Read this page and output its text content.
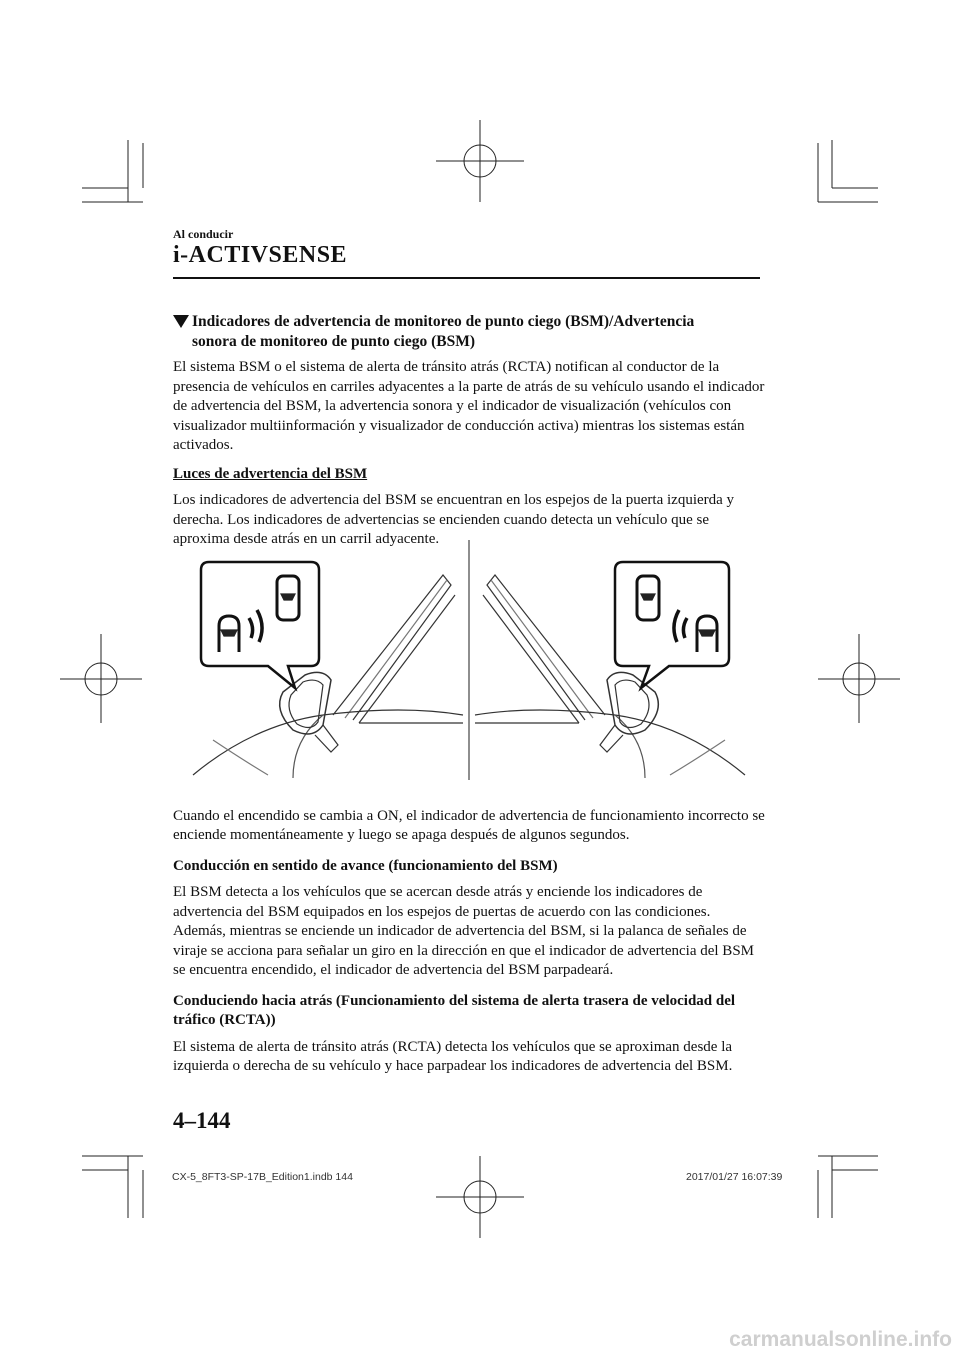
Al conducir
i-ACTIVSENSE
Indicadores de advertencia de monitoreo de punto ciego (BSM)/Advertencia
sonora de monitoreo de punto ciego (BSM)

El sistema BSM o el sistema de alerta de tránsito atrás (RCTA) notifican al conductor de la presencia de vehículos en carriles adyacentes a la parte de atrás de su vehículo usando el indicador de advertencia del BSM, la advertencia sonora y el indicador de visualización (vehículos con visualizador multiinformación y visualizador de conducción activa) mientras los sistemas están activados.

Luces de advertencia del BSM

Los indicadores de advertencia del BSM se encuentran en los espejos de la puerta izquierda y derecha. Los indicadores de advertencias se encienden cuando detecta un vehículo que se aproxima desde atrás en un carril adyacente.

Cuando el encendido se cambia a ON, el indicador de advertencia de funcionamiento incorrecto se enciende momentáneamente y luego se apaga después de algunos segundos.

Conducción en sentido de avance (funcionamiento del BSM)

El BSM detecta a los vehículos que se acercan desde atrás y enciende los indicadores de advertencia del BSM equipados en los espejos de puertas de acuerdo con las condiciones. Además, mientras se enciende un indicador de advertencia del BSM, si la palanca de señales de viraje se acciona para señalar un giro en la dirección en que el indicador de advertencia del BSM se encuentra encendido, el indicador de advertencia del BSM parpadeará.

Conduciendo hacia atrás (Funcionamiento del sistema de alerta trasera de velocidad del tráfico (RCTA))

El sistema de alerta de tránsito atrás (RCTA) detecta los vehículos que se aproximan desde la izquierda o derecha de su vehículo y hace parpadear los indicadores de advertencia del BSM.

4–144
CX-5_8FT3-SP-17B_Edition1.indb 144	2017/01/27 16:07:39
carmanualsonline.info
